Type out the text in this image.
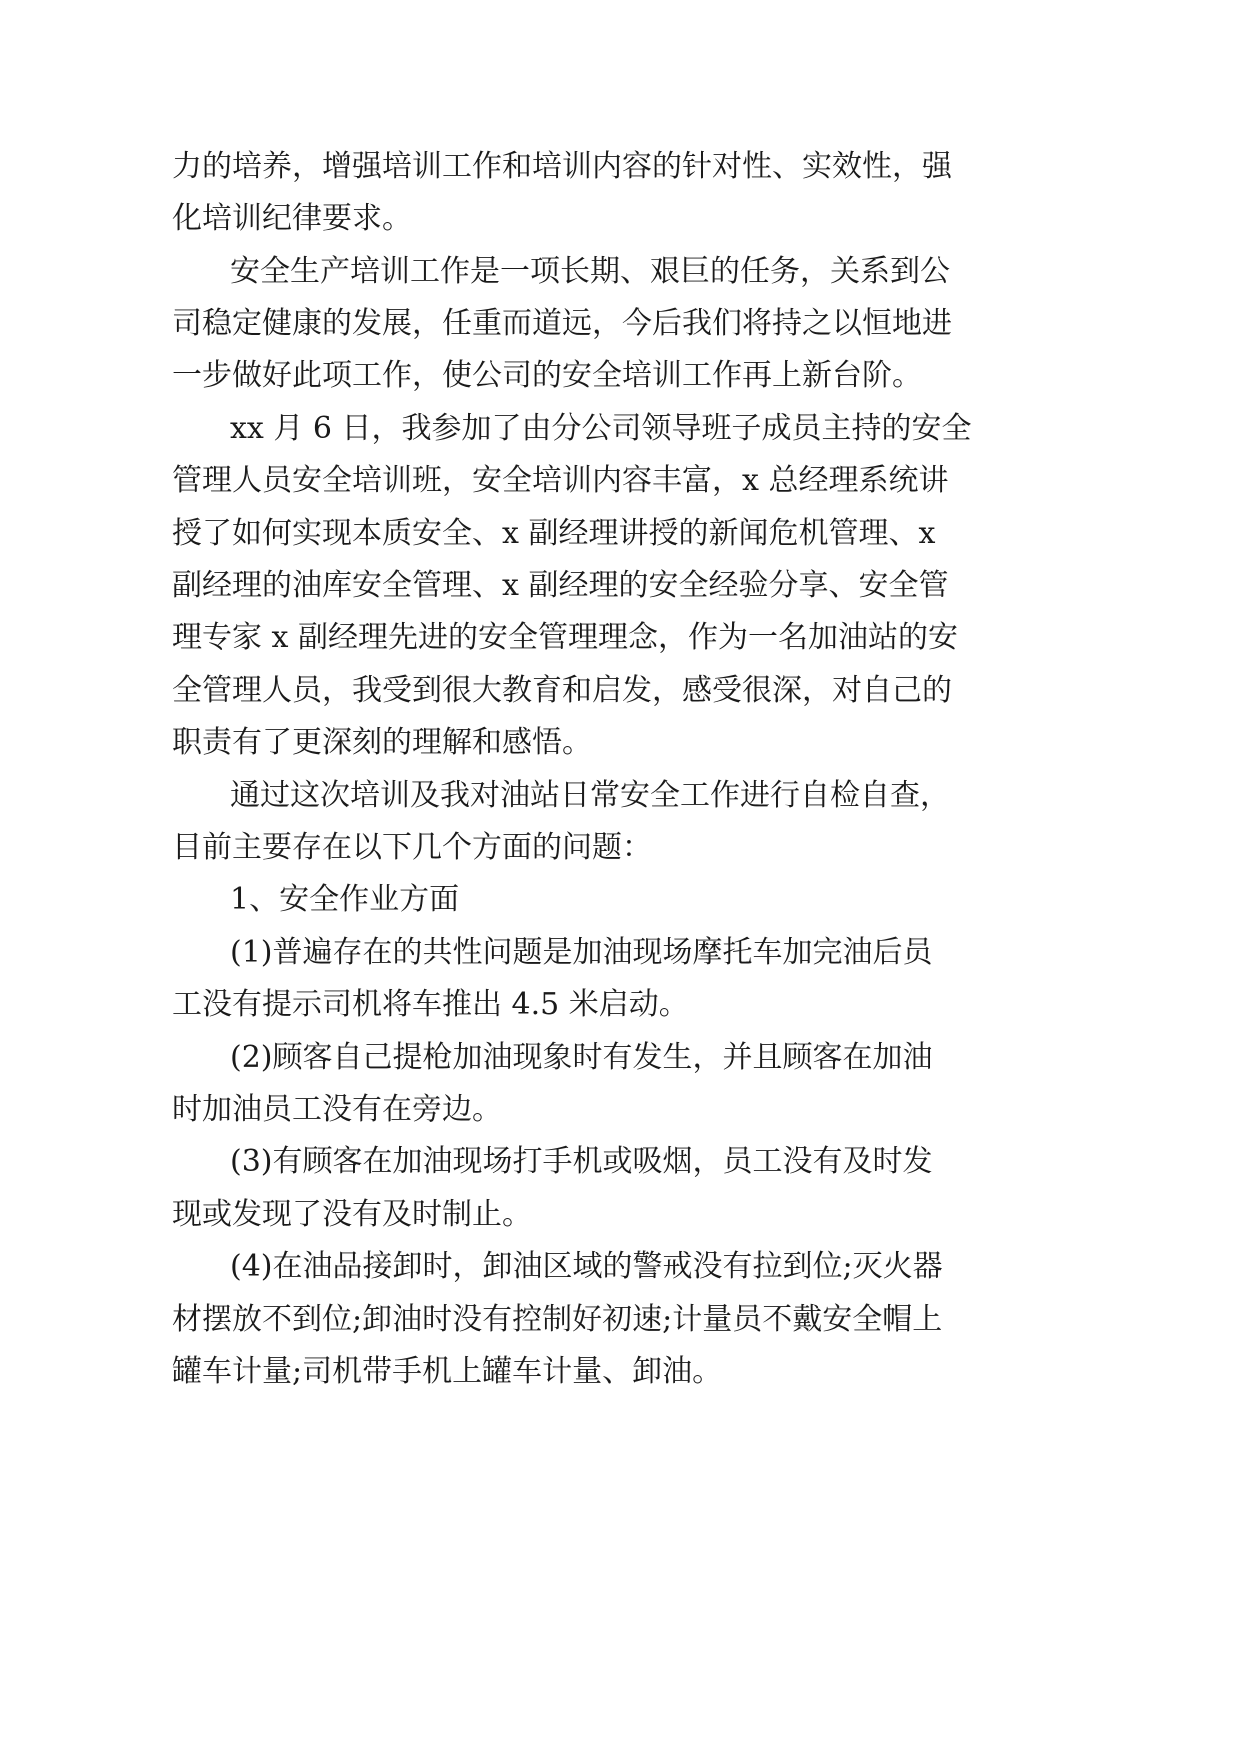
力的培养，增强培训工作和培训内容的针对性、实效性，强
化培训纪律要求。
安全生产培训工作是一项长期、艰巨的任务，关系到公
司稳定健康的发展，任重而道远，今后我们将持之以恒地进
一步做好此项工作，使公司的安全培训工作再上新台阶。
xx 月 6 日，我参加了由分公司领导班子成员主持的安全
管理人员安全培训班，安全培训内容丰富，x 总经理系统讲
授了如何实现本质安全、x 副经理讲授的新闻危机管理、x
副经理的油库安全管理、x 副经理的安全经验分享、安全管
理专家 x 副经理先进的安全管理理念，作为一名加油站的安
全管理人员，我受到很大教育和启发，感受很深，对自己的
职责有了更深刻的理解和感悟。
通过这次培训及我对油站日常安全工作进行自检自查，
目前主要存在以下几个方面的问题：
1、安全作业方面
(1)普遍存在的共性问题是加油现场摩托车加完油后员
工没有提示司机将车推出 4.5 米启动。
(2)顾客自己提枪加油现象时有发生，并且顾客在加油
时加油员工没有在旁边。
(3)有顾客在加油现场打手机或吸烟，员工没有及时发
现或发现了没有及时制止。
(4)在油品接卸时，卸油区域的警戒没有拉到位;灭火器
材摆放不到位;卸油时没有控制好初速;计量员不戴安全帽上
罐车计量;司机带手机上罐车计量、卸油。
